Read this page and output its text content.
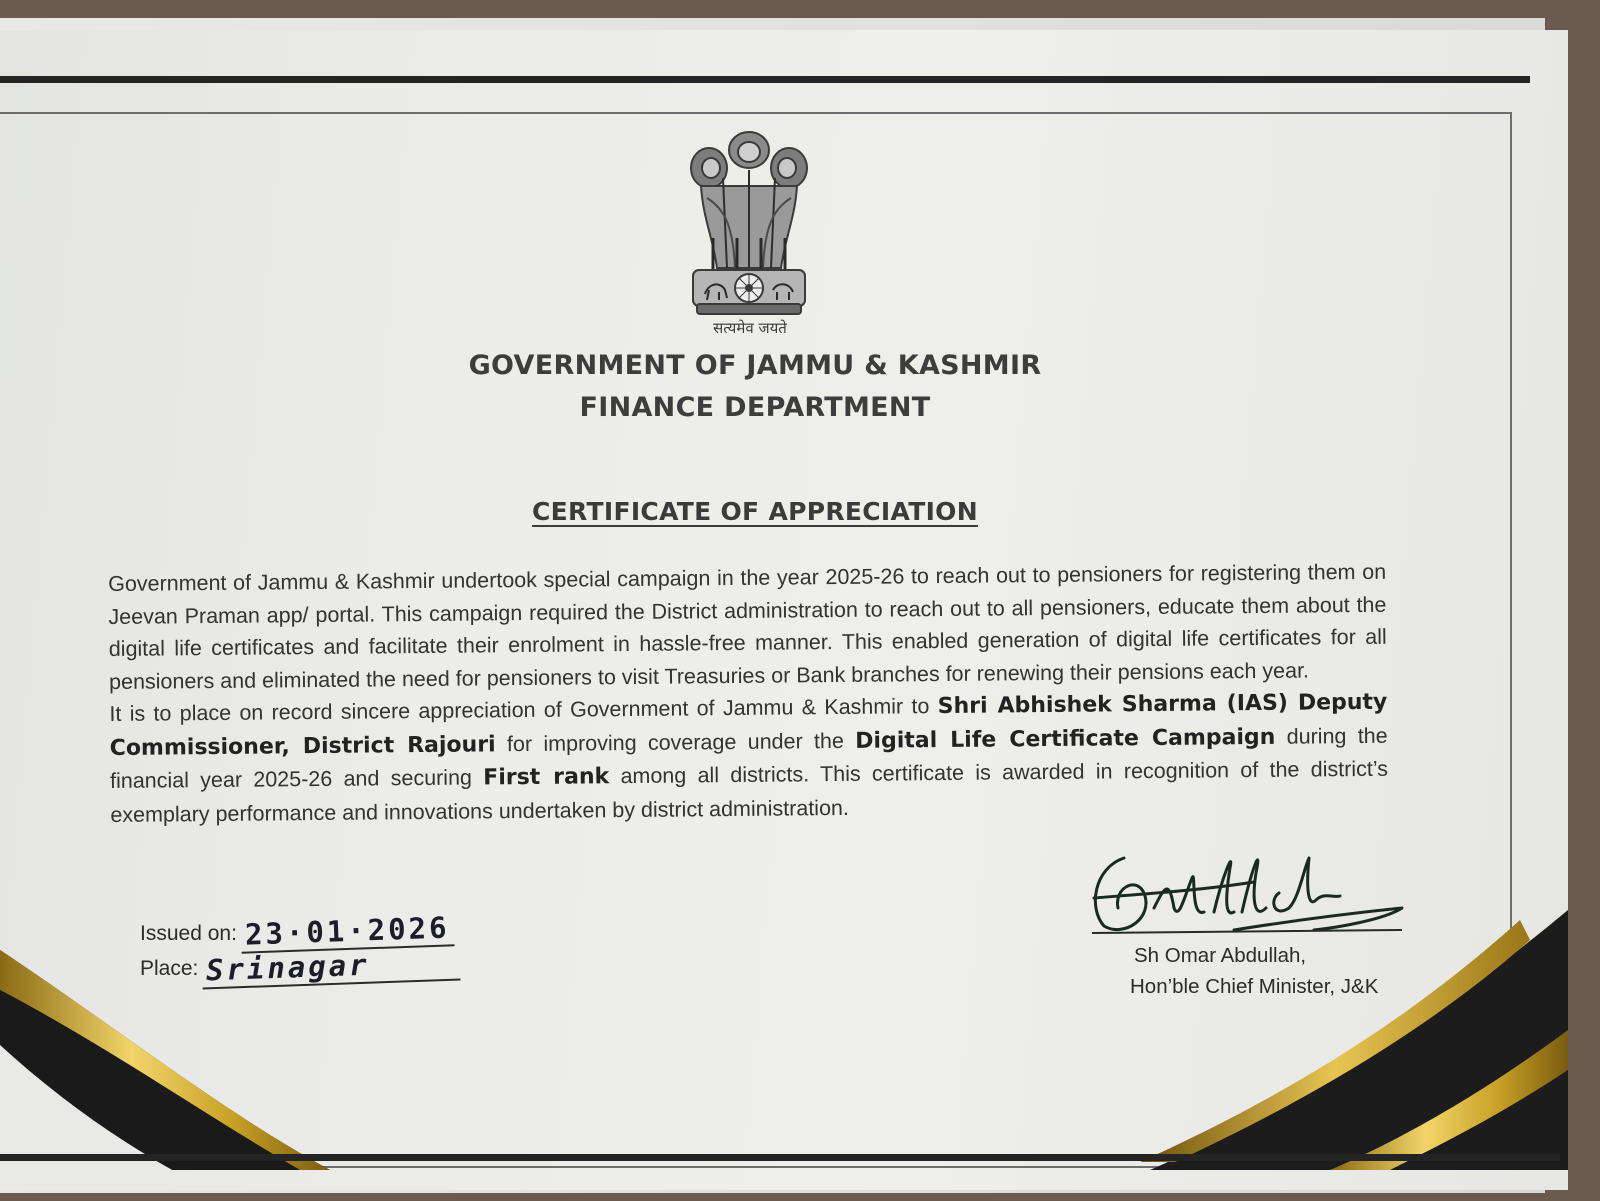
सत्यमेव जयते
GOVERNMENT OF JAMMU & KASHMIR
FINANCE DEPARTMENT
CERTIFICATE OF APPRECIATION

Government of Jammu & Kashmir undertook special campaign in the year 2025-26 to reach out to pensioners for registering them on Jeevan Praman app/ portal. This campaign required the District administration to reach out to all pensioners, educate them about the digital life certificates and facilitate their enrolment in hassle-free manner. This enabled generation of digital life certificates for all pensioners and eliminated the need for pensioners to visit Treasuries or Bank branches for renewing their pensions each year.

It is to place on record sincere appreciation of Government of Jammu & Kashmir to Shri Abhishek Sharma (IAS) Deputy Commissioner, District Rajouri for improving coverage under the Digital Life Certificate Campaign during the financial year 2025-26 and securing First rank among all districts. This certificate is awarded in recognition of the district’s exemplary performance and innovations undertaken by district administration.

Issued on: 23·01·2026
Place: Srinagar	Sh Omar Abdullah,
Hon’ble Chief Minister, J&K
